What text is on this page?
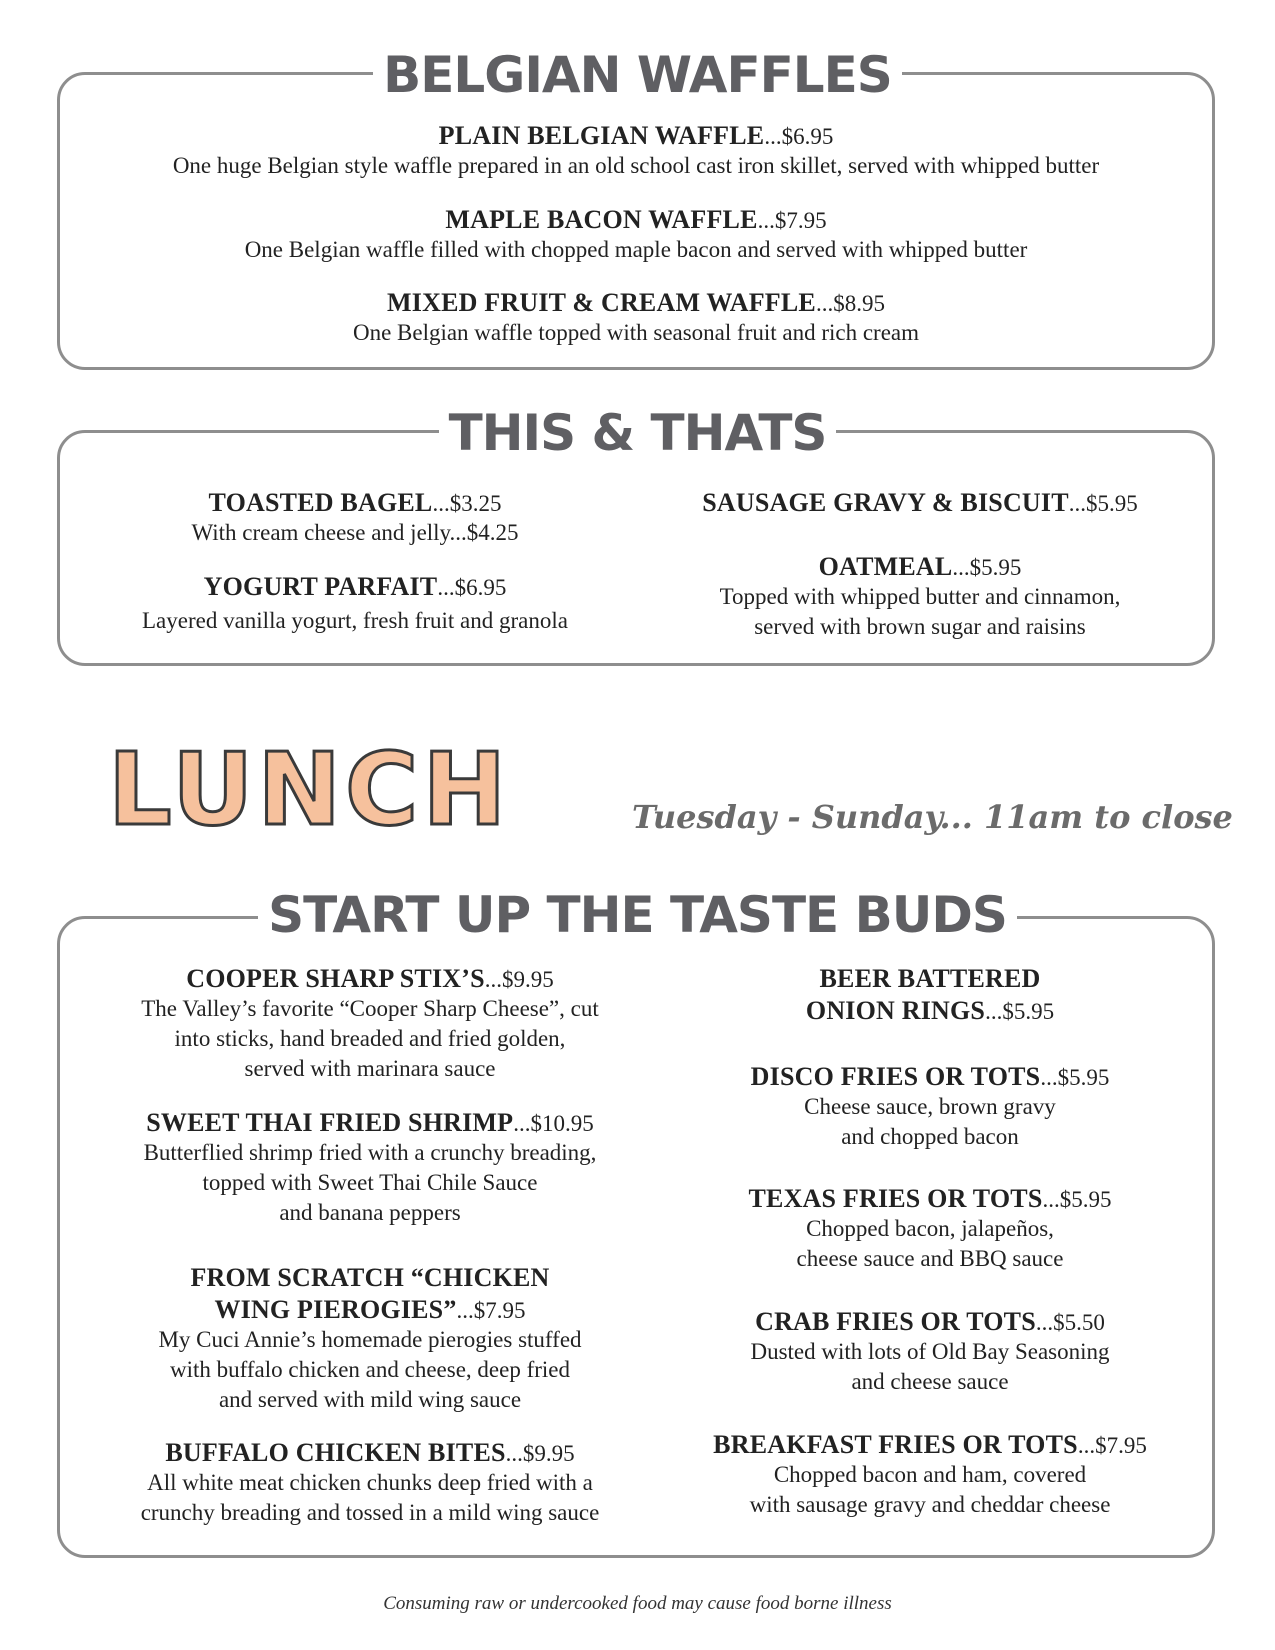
BELGIAN WAFFLES
PLAIN BELGIAN WAFFLE...$6.95
One huge Belgian style waffle prepared in an old school cast iron skillet, served with whipped butter
MAPLE BACON WAFFLE...$7.95
One Belgian waffle filled with chopped maple bacon and served with whipped butter
MIXED FRUIT & CREAM WAFFLE...$8.95
One Belgian waffle topped with seasonal fruit and rich cream
THIS & THATS
TOASTED BAGEL...$3.25
With cream cheese and jelly...$4.25
YOGURT PARFAIT...$6.95
Layered vanilla yogurt, fresh fruit and granola
SAUSAGE GRAVY & BISCUIT...$5.95
OATMEAL...$5.95
Topped with whipped butter and cinnamon,
served with brown sugar and raisins
LUNCH	Tuesday - Sunday... 11am to close
START UP THE TASTE BUDS
COOPER SHARP STIX’S...$9.95
The Valley’s favorite “Cooper Sharp Cheese”, cut
into sticks, hand breaded and fried golden,
served with marinara sauce
SWEET THAI FRIED SHRIMP...$10.95
Butterflied shrimp fried with a crunchy breading,
topped with Sweet Thai Chile Sauce
and banana peppers
FROM SCRATCH “CHICKEN
WING PIEROGIES”...$7.95
My Cuci Annie’s homemade pierogies stuffed
with buffalo chicken and cheese, deep fried
and served with mild wing sauce
BUFFALO CHICKEN BITES...$9.95
All white meat chicken chunks deep fried with a
crunchy breading and tossed in a mild wing sauce
BEER BATTERED
ONION RINGS...$5.95
DISCO FRIES OR TOTS...$5.95
Cheese sauce, brown gravy
and chopped bacon
TEXAS FRIES OR TOTS...$5.95
Chopped bacon, jalapeños,
cheese sauce and BBQ sauce
CRAB FRIES OR TOTS...$5.50
Dusted with lots of Old Bay Seasoning
and cheese sauce
BREAKFAST FRIES OR TOTS...$7.95
Chopped bacon and ham, covered
with sausage gravy and cheddar cheese
Consuming raw or undercooked food may cause food borne illness
